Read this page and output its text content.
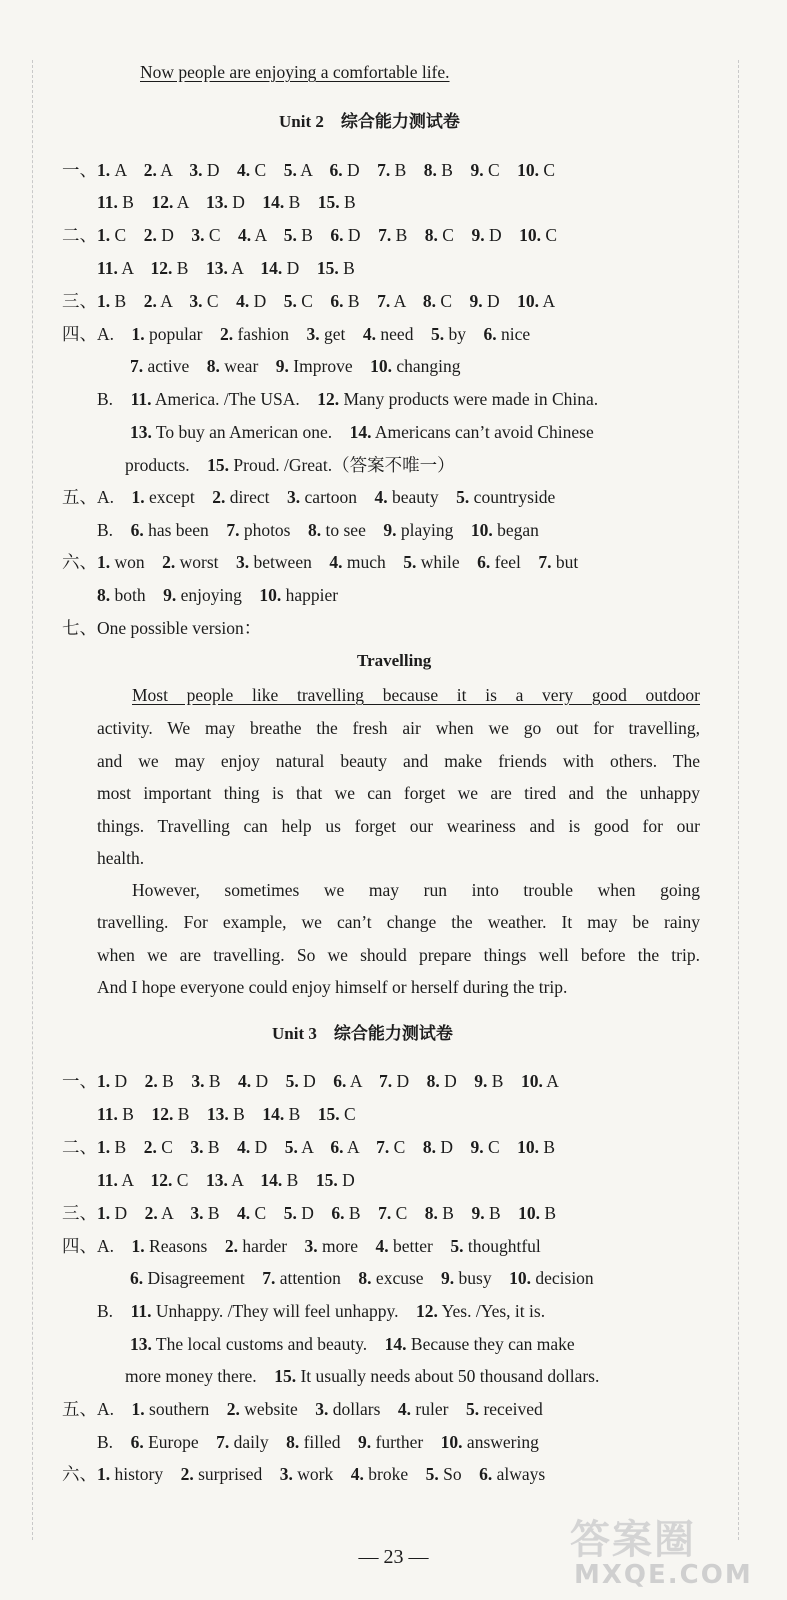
Now people are enjoying a comfortable life.
Unit 2　综合能力测试卷
一、1. A　2. A　3. D　4. C　5. A　6. D　7. B　8. B　9. C　10. C
11. B　12. A　13. D　14. B　15. B
二、1. C　2. D　3. C　4. A　5. B　6. D　7. B　8. C　9. D　10. C
11. A　12. B　13. A　14. D　15. B
三、1. B　2. A　3. C　4. D　5. C　6. B　7. A　8. C　9. D　10. A
四、A.　1. popular　2. fashion　3. get　4. need　5. by　6. nice
7. active　8. wear　9. Improve　10. changing
B.　11. America. /The USA.　12. Many products were made in China.
13. To buy an American one.　14. Americans can’t avoid Chinese
products.　15. Proud. /Great.（答案不唯一）
五、A.　1. except　2. direct　3. cartoon　4. beauty　5. countryside
B.　6. has been　7. photos　8. to see　9. playing　10. began
六、1. won　2. worst　3. between　4. much　5. while　6. feel　7. but
8. both　9. enjoying　10. happier
七、One possible version：
Travelling
Most people like travelling because it is a very good outdoor
activity. We may breathe the fresh air when we go out for travelling,
and we may enjoy natural beauty and make friends with others. The
most important thing is that we can forget we are tired and the unhappy
things. Travelling can help us forget our weariness and is good for our
health.
However, sometimes we may run into trouble when going
travelling. For example, we can’t change the weather. It may be rainy
when we are travelling. So we should prepare things well before the trip.
And I hope everyone could enjoy himself or herself during the trip.
Unit 3　综合能力测试卷
一、1. D　2. B　3. B　4. D　5. D　6. A　7. D　8. D　9. B　10. A
11. B　12. B　13. B　14. B　15. C
二、1. B　2. C　3. B　4. D　5. A　6. A　7. C　8. D　9. C　10. B
11. A　12. C　13. A　14. B　15. D
三、1. D　2. A　3. B　4. C　5. D　6. B　7. C　8. B　9. B　10. B
四、A.　1. Reasons　2. harder　3. more　4. better　5. thoughtful
6. Disagreement　7. attention　8. excuse　9. busy　10. decision
B.　11. Unhappy. /They will feel unhappy.　12. Yes. /Yes, it is.
13. The local customs and beauty.　14. Because they can make
more money there.　15. It usually needs about 50 thousand dollars.
五、A.　1. southern　2. website　3. dollars　4. ruler　5. received
B.　6. Europe　7. daily　8. filled　9. further　10. answering
六、1. history　2. surprised　3. work　4. broke　5. So　6. always
— 23 —	答案圈
MXQE.COM
